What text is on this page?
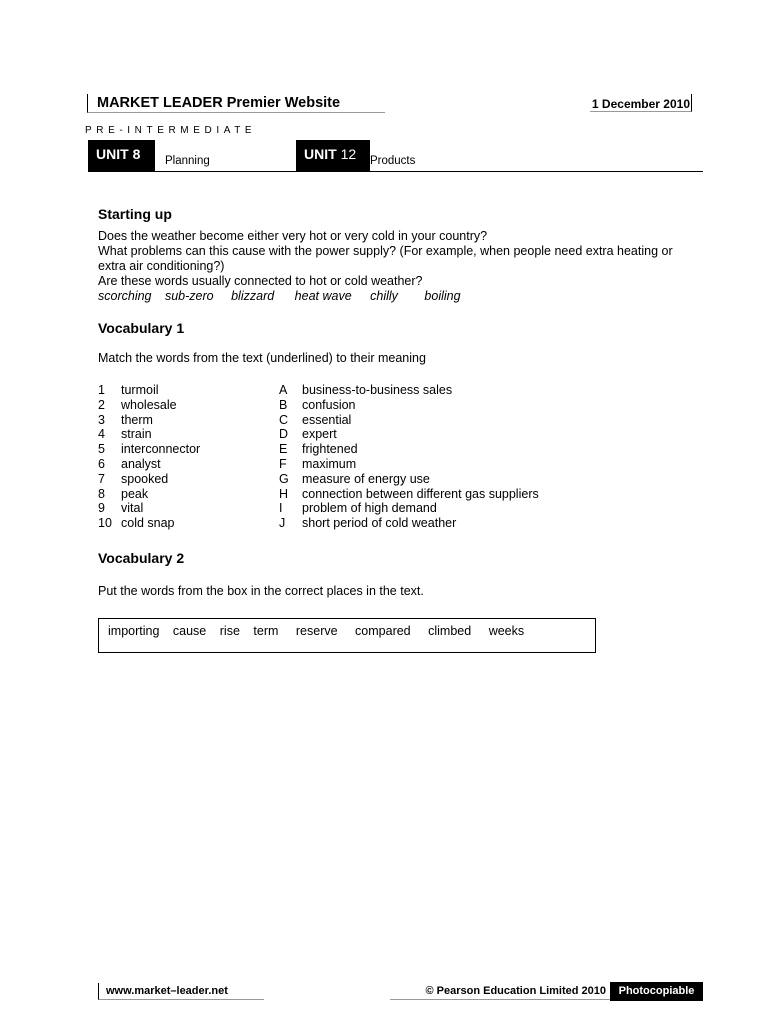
MARKET LEADER Premier Website	1 December 2010
PRE-INTERMEDIATE
UNIT 8	Planning	UNIT 12	Products
Starting up
Does the weather become either very hot or very cold in your country?
What problems can this cause with the power supply? (For example, when people need extra heating or
extra air conditioning?)
Are these words usually connected to hot or cold weather?
scorching sub-zero blizzard heat wave chilly boiling
Vocabulary 1
Match the words from the text (underlined) to their meaning
1 turmoil	A business-to-business sales
2 wholesale	B confusion
3 therm	C essential
4 strain	D expert
5 interconnector	E frightened
6 analyst	F maximum
7 spooked	G measure of energy use
8 peak	H connection between different gas suppliers
9 vital	I problem of high demand
10 cold snap	J short period of cold weather
Vocabulary 2
Put the words from the box in the correct places in the text.
importing cause rise term reserve compared climbed weeks
www.market–leader.net	© Pearson Education Limited 2010	Photocopiable
